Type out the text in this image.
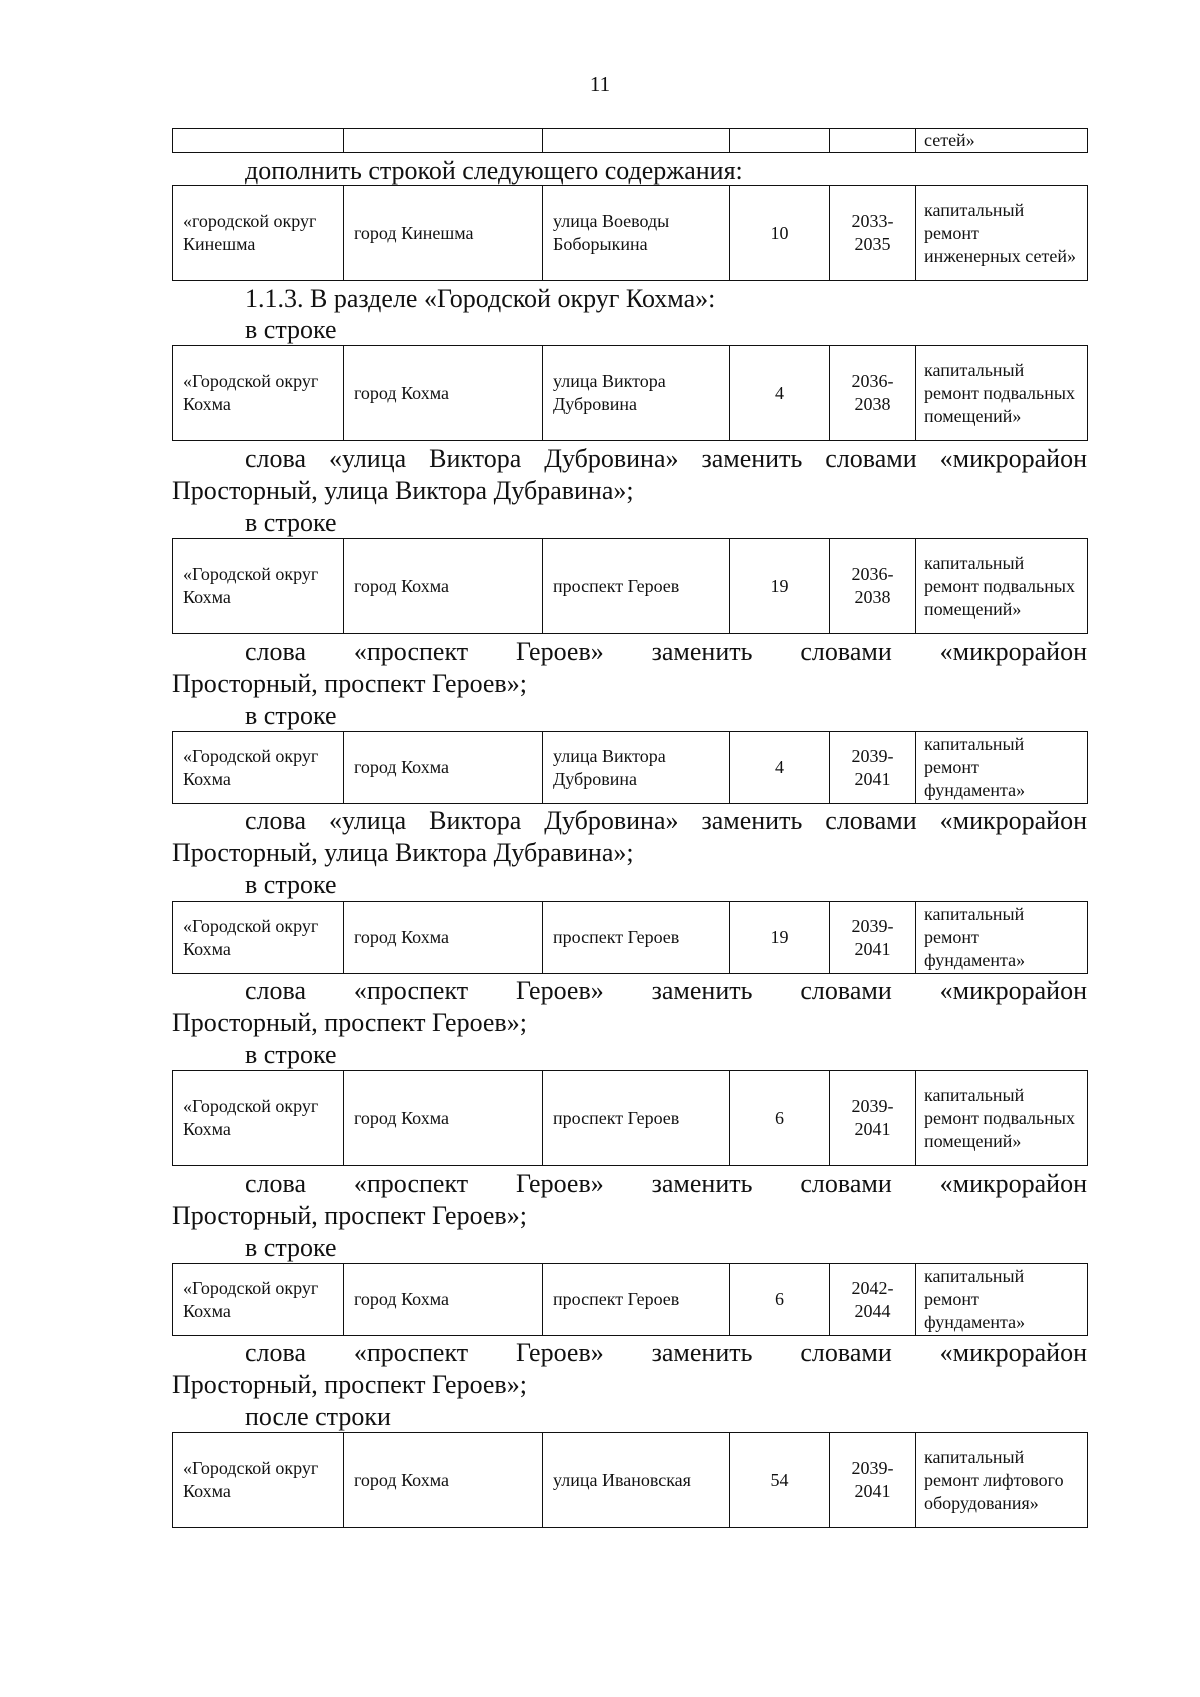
11
					сетей»
дополнить строкой следующего содержания:
«городской округ Кинешма	город Кинешма	улица Воеводы Боборыкина	10	2033-2035	капитальный ремонт инженерных сетей»
1.1.3. В разделе «Городской округ Кохма»:
в строке
«Городской округ Кохма	город Кохма	улица Виктора Дубровина	4	2036-2038	капитальный ремонт подвальных помещений»
слова «улица Виктора Дубровина» заменить словами «микрорайон
Просторный, улица Виктора Дубравина»;
в строке
«Городской округ Кохма	город Кохма	проспект Героев	19	2036-2038	капитальный ремонт подвальных помещений»
слова «проспект Героев» заменить словами «микрорайон
Просторный, проспект Героев»;
в строке
«Городской округ Кохма	город Кохма	улица Виктора Дубровина	4	2039-2041	капитальный ремонт фундамента»
слова «улица Виктора Дубровина» заменить словами «микрорайон
Просторный, улица Виктора Дубравина»;
в строке
«Городской округ Кохма	город Кохма	проспект Героев	19	2039-2041	капитальный ремонт фундамента»
слова «проспект Героев» заменить словами «микрорайон
Просторный, проспект Героев»;
в строке
«Городской округ Кохма	город Кохма	проспект Героев	6	2039-2041	капитальный ремонт подвальных помещений»
слова «проспект Героев» заменить словами «микрорайон
Просторный, проспект Героев»;
в строке
«Городской округ Кохма	город Кохма	проспект Героев	6	2042-2044	капитальный ремонт фундамента»
слова «проспект Героев» заменить словами «микрорайон
Просторный, проспект Героев»;
после строки
«Городской округ Кохма	город Кохма	улица Ивановская	54	2039-2041	капитальный ремонт лифтового оборудования»
